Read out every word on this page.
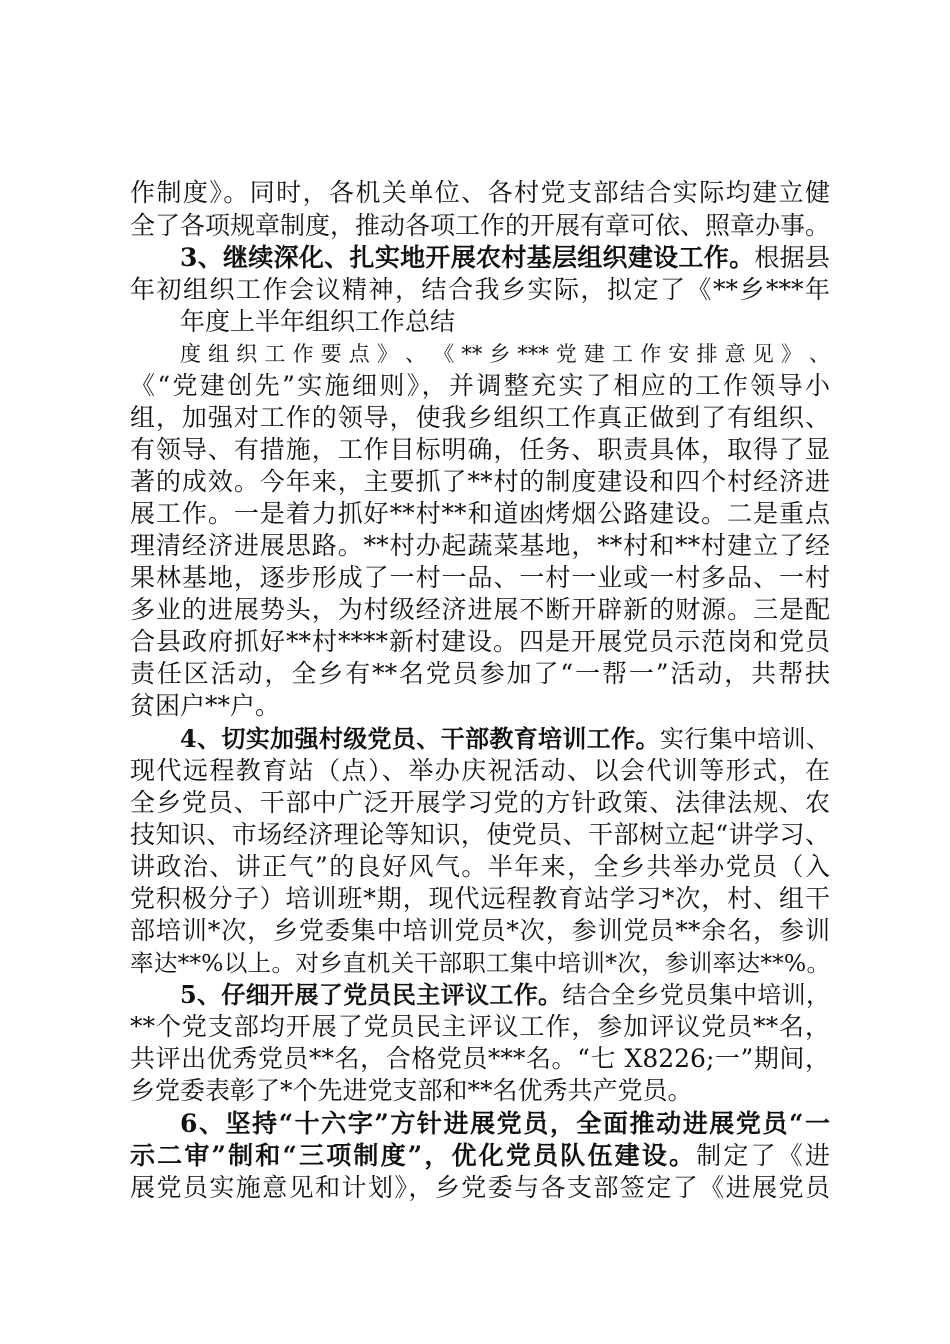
作制度》。同时，各机关单位、各村党支部结合实际均建立健
全了各项规章制度，推动各项工作的开展有章可依、照章办事。
3、继续深化、扎实地开展农村基层组织建设工作。根据县
年初组织工作会议精神，结合我乡实际，拟定了《**乡***年
年度上半年组织工作总结
度 组 织 工 作 要 点 》 、 《 ** 乡 *** 党 建 工 作 安 排 意 见 》 、
《“党建创先”实施细则》，并调整充实了相应的工作领导小
组，加强对工作的领导，使我乡组织工作真正做到了有组织、
有领导、有措施，工作目标明确，任务、职责具体，取得了显
著的成效。今年来，主要抓了**村的制度建设和四个村经济进
展工作。一是着力抓好**村**和道凼烤烟公路建设。二是重点
理清经济进展思路。**村办起蔬菜基地，**村和**村建立了经
果林基地，逐步形成了一村一品、一村一业或一村多品、一村
多业的进展势头，为村级经济进展不断开辟新的财源。三是配
合县政府抓好**村****新村建设。四是开展党员示范岗和党员
责任区活动，全乡有**名党员参加了“一帮一”活动，共帮扶
贫困户**户。
4、切实加强村级党员、干部教育培训工作。实行集中培训、
现代远程教育站（点）、举办庆祝活动、以会代训等形式，在
全乡党员、干部中广泛开展学习党的方针政策、法律法规、农
技知识、市场经济理论等知识，使党员、干部树立起“讲学习、
讲政治、讲正气”的良好风气。半年来，全乡共举办党员（入
党积极分子）培训班*期，现代远程教育站学习*次，村、组干
部培训*次，乡党委集中培训党员*次，参训党员**余名，参训
率达**%以上。对乡直机关干部职工集中培训*次，参训率达**%。
5、仔细开展了党员民主评议工作。结合全乡党员集中培训，
**个党支部均开展了党员民主评议工作，参加评议党员**名，
共评出优秀党员**名，合格党员***名。“七 X8226;一”期间，
乡党委表彰了*个先进党支部和**名优秀共产党员。
6、坚持“十六字”方针进展党员，全面推动进展党员“一
示二审”制和“三项制度”，优化党员队伍建设。制定了《进
展党员实施意见和计划》，乡党委与各支部签定了《进展党员
